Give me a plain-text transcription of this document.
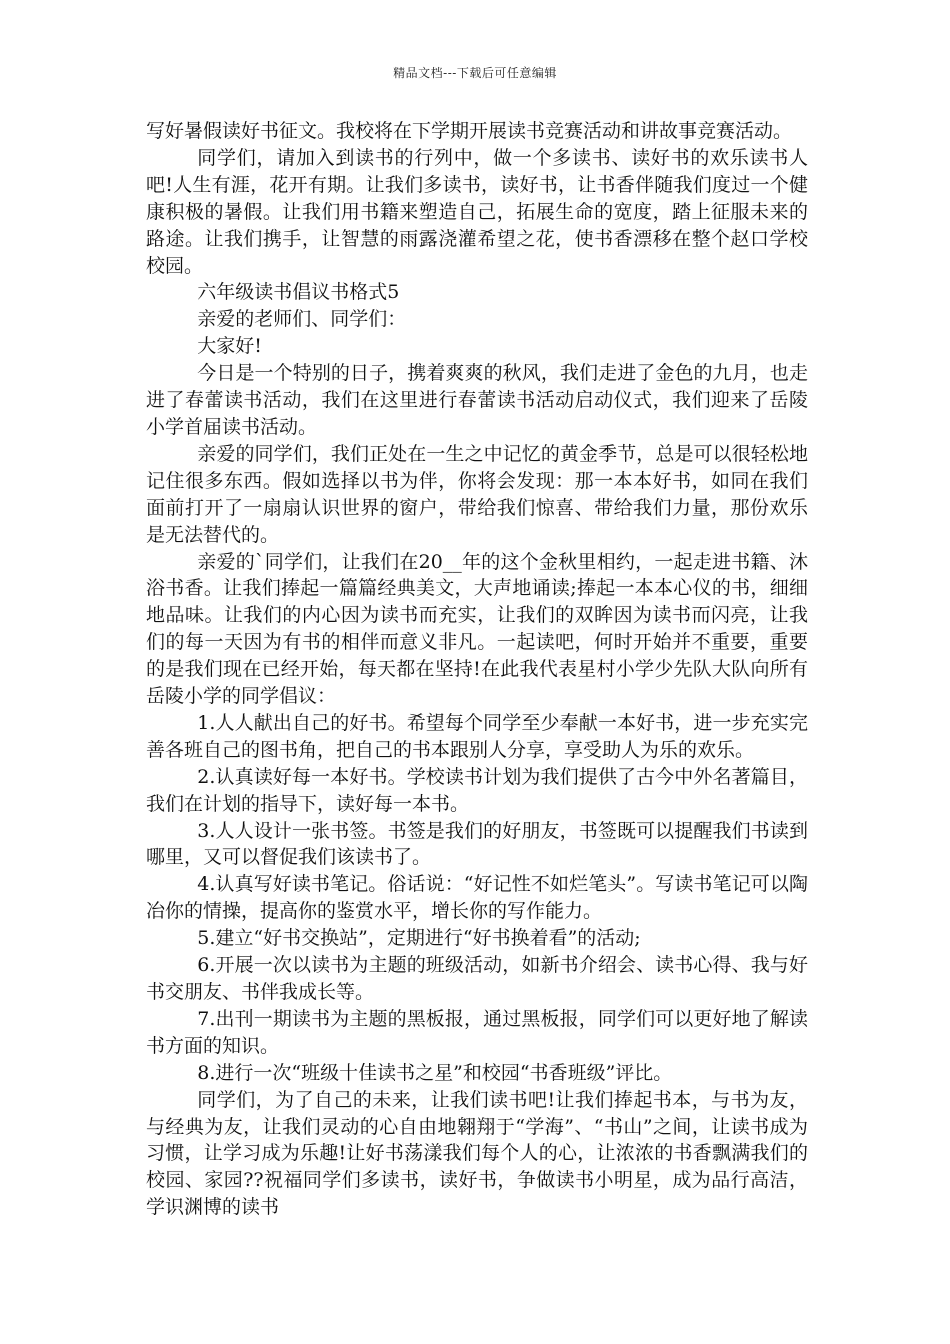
精品文档---下载后可任意编辑

写好暑假读好书征文。我校将在下学期开展读书竞赛活动和讲故事竞赛活动。

同学们，请加入到读书的行列中，做一个多读书、读好书的欢乐读书人吧!人生有涯，花开有期。让我们多读书，读好书，让书香伴随我们度过一个健康积极的暑假。让我们用书籍来塑造自己，拓展生命的宽度，踏上征服未来的路途。让我们携手，让智慧的雨露浇灌希望之花，使书香漂移在整个赵口学校校园。

六年级读书倡议书格式5

亲爱的老师们、同学们：

大家好!

今日是一个特别的日子，携着爽爽的秋风，我们走进了金色的九月，也走进了春蕾读书活动，我们在这里进行春蕾读书活动启动仪式，我们迎来了岳陵小学首届读书活动。

亲爱的同学们，我们正处在一生之中记忆的黄金季节，总是可以很轻松地记住很多东西。假如选择以书为伴，你将会发现：那一本本好书，如同在我们面前打开了一扇扇认识世界的窗户，带给我们惊喜、带给我们力量，那份欢乐是无法替代的。

亲爱的`同学们，让我们在20__年的这个金秋里相约，一起走进书籍、沐浴书香。让我们捧起一篇篇经典美文，大声地诵读;捧起一本本心仪的书，细细地品味。让我们的内心因为读书而充实，让我们的双眸因为读书而闪亮，让我们的每一天因为有书的相伴而意义非凡。一起读吧，何时开始并不重要，重要的是我们现在已经开始，每天都在坚持!在此我代表星村小学少先队大队向所有岳陵小学的同学倡议：

1.人人献出自己的好书。希望每个同学至少奉献一本好书，进一步充实完善各班自己的图书角，把自己的书本跟别人分享，享受助人为乐的欢乐。

2.认真读好每一本好书。学校读书计划为我们提供了古今中外名著篇目，我们在计划的指导下，读好每一本书。

3.人人设计一张书签。书签是我们的好朋友，书签既可以提醒我们书读到哪里，又可以督促我们该读书了。

4.认真写好读书笔记。俗话说：“好记性不如烂笔头”。写读书笔记可以陶冶你的情操，提高你的鉴赏水平，增长你的写作能力。

5.建立“好书交换站”，定期进行“好书换着看”的活动;

6.开展一次以读书为主题的班级活动，如新书介绍会、读书心得、我与好书交朋友、书伴我成长等。

7.出刊一期读书为主题的黑板报，通过黑板报，同学们可以更好地了解读书方面的知识。

8.进行一次“班级十佳读书之星”和校园“书香班级”评比。

同学们，为了自己的未来，让我们读书吧!让我们捧起书本，与书为友，与经典为友，让我们灵动的心自由地翱翔于“学海”、“书山”之间，让读书成为习惯，让学习成为乐趣!让好书荡漾我们每个人的心，让浓浓的书香飘满我们的校园、家园??祝福同学们多读书，读好书，争做读书小明星，成为品行高洁，学识渊博的读书
